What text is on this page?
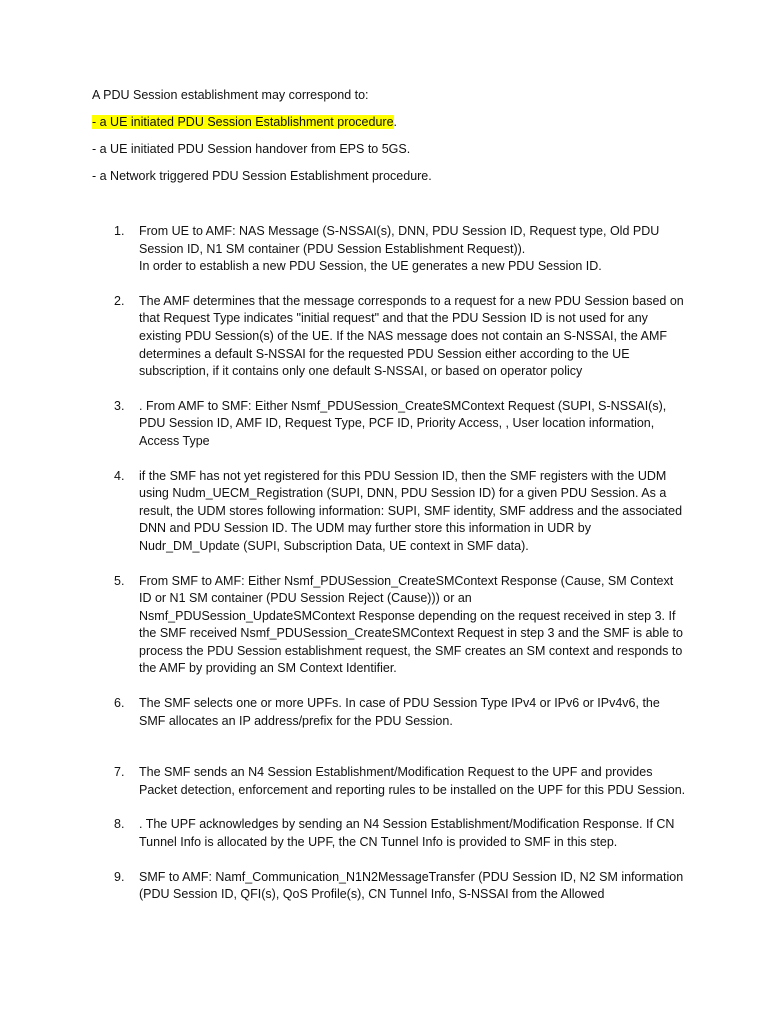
A PDU Session establishment may correspond to:

- a UE initiated PDU Session Establishment procedure.

- a UE initiated PDU Session handover from EPS to 5GS.

- a Network triggered PDU Session Establishment procedure.

1.	From UE to AMF: NAS Message (S-NSSAI(s), DNN, PDU Session ID, Request type, Old PDU Session ID, N1 SM container (PDU Session Establishment Request)).
In order to establish a new PDU Session, the UE generates a new PDU Session ID.
2.	The AMF determines that the message corresponds to a request for a new PDU Session based on that Request Type indicates "initial request" and that the PDU Session ID is not used for any existing PDU Session(s) of the UE. If the NAS message does not contain an S-NSSAI, the AMF determines a default S-NSSAI for the requested PDU Session either according to the UE subscription, if it contains only one default S-NSSAI, or based on operator policy
3.	. From AMF to SMF: Either Nsmf_PDUSession_CreateSMContext Request (SUPI, S-NSSAI(s), PDU Session ID, AMF ID, Request Type, PCF ID, Priority Access, , User location information, Access Type
4.	if the SMF has not yet registered for this PDU Session ID, then the SMF registers with the UDM using Nudm_UECM_Registration (SUPI, DNN, PDU Session ID) for a given PDU Session. As a result, the UDM stores following information: SUPI, SMF identity, SMF address and the associated DNN and PDU Session ID. The UDM may further store this information in UDR by Nudr_DM_Update (SUPI, Subscription Data, UE context in SMF data).
5.	From SMF to AMF: Either Nsmf_PDUSession_CreateSMContext Response (Cause, SM Context ID or N1 SM container (PDU Session Reject (Cause))) or an Nsmf_PDUSession_UpdateSMContext Response depending on the request received in step 3. If the SMF received Nsmf_PDUSession_CreateSMContext Request in step 3 and the SMF is able to process the PDU Session establishment request, the SMF creates an SM context and responds to the AMF by providing an SM Context Identifier.
6.	The SMF selects one or more UPFs. In case of PDU Session Type IPv4 or IPv6 or IPv4v6, the SMF allocates an IP address/prefix for the PDU Session.
7.	The SMF sends an N4 Session Establishment/Modification Request to the UPF and provides Packet detection, enforcement and reporting rules to be installed on the UPF for this PDU Session.
8.	. The UPF acknowledges by sending an N4 Session Establishment/Modification Response. If CN Tunnel Info is allocated by the UPF, the CN Tunnel Info is provided to SMF in this step.
9.	SMF to AMF: Namf_Communication_N1N2MessageTransfer (PDU Session ID, N2 SM information (PDU Session ID, QFI(s), QoS Profile(s), CN Tunnel Info, S-NSSAI from the Allowed
